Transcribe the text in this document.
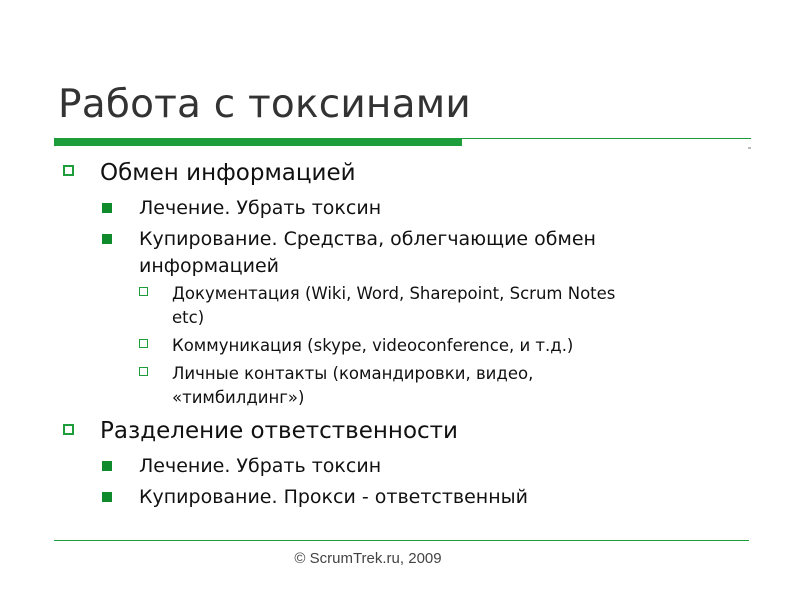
Работа с токсинами
Обмен информацией
Лечение. Убрать токсин
Купирование. Средства, облегчающие обмен
информацией
Документация (Wiki, Word, Sharepoint, Scrum Notes
etc)
Коммуникация (skype, videoconference, и т.д.)
Личные контакты (командировки, видео,
«тимбилдинг»)
Разделение ответственности
Лечение. Убрать токсин
Купирование. Прокси - ответственный
© ScrumTrek.ru, 2009
